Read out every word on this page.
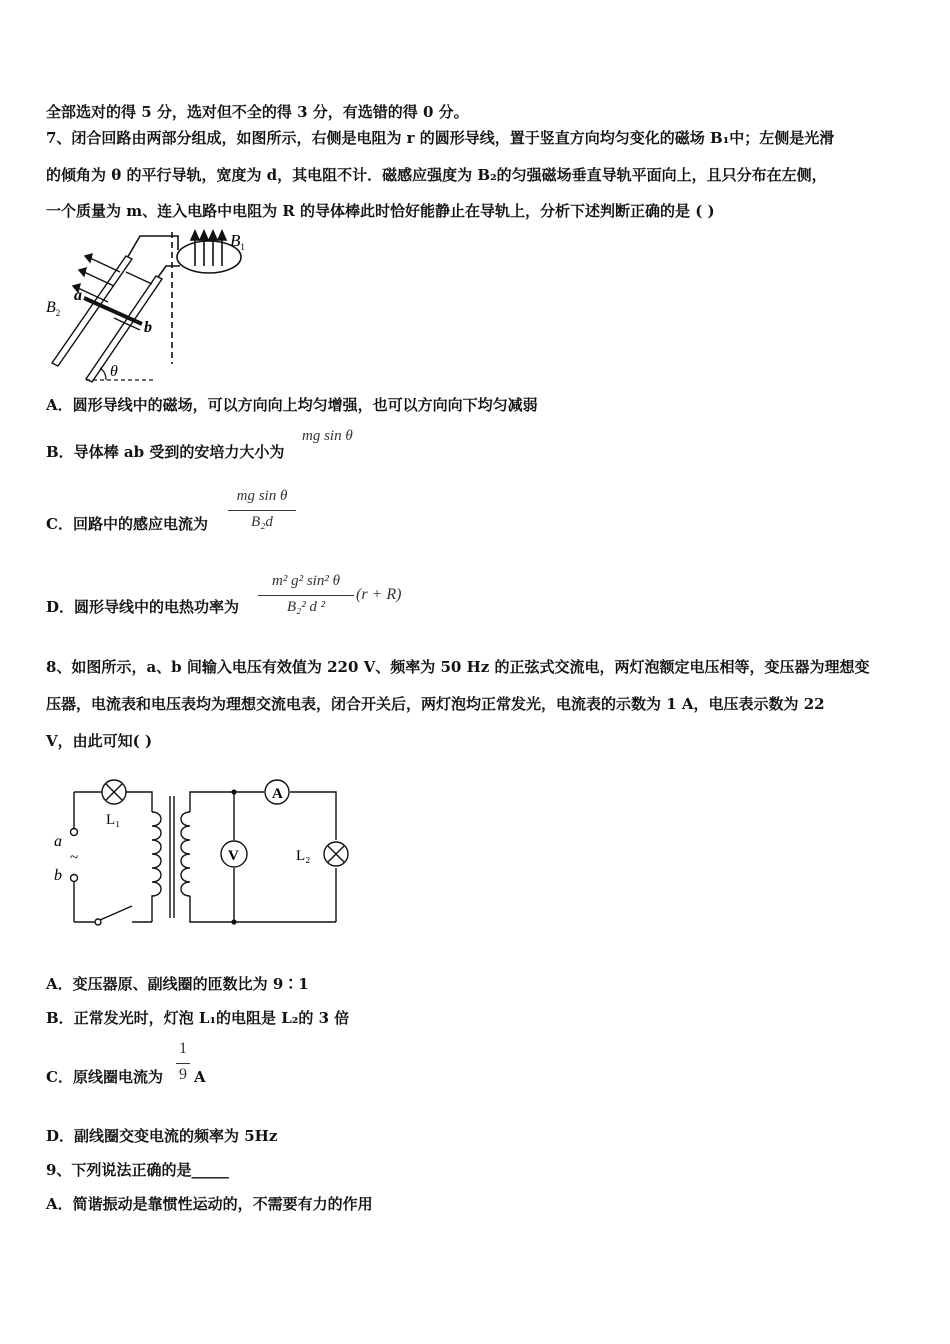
全部选对的得 5 分，选对但不全的得 3 分，有选错的得 0 分。
7、闭合回路由两部分组成，如图所示，右侧是电阻为 r 的圆形导线，置于竖直方向均匀变化的磁场 B₁中；左侧是光滑
的倾角为 θ 的平行导轨，宽度为 d，其电阻不计．磁感应强度为 B₂的匀强磁场垂直导轨平面向上，且只分布在左侧，
一个质量为 m、连入电路中电阻为 R 的导体棒此时恰好能静止在导轨上，分析下述判断正确的是 ( )
$B_1$
$B_2$
a
b
θ
A．圆形导线中的磁场，可以方向向上均匀增强，也可以方向向下均匀减弱
B．导体棒 ab 受到的安培力大小为
mg sin θ
C．回路中的感应电流为
mg sin θ
B₂d
D．圆形导线中的电热功率为
m² g² sin² θ
B₂² d ²
(r + R)
8、如图所示，a、b 间输入电压有效值为 220 V、频率为 50 Hz 的正弦式交流电，两灯泡额定电压相等，变压器为理想变
压器，电流表和电压表均为理想交流电表，闭合开关后，两灯泡均正常发光，电流表的示数为 1 A，电压表示数为 22
V，由此可知( )
A
V
L₁
L₂
a
~
b
A．变压器原、副线圈的匝数比为 9∶1
B．正常发光时，灯泡 L₁的电阻是 L₂的 3 倍
C．原线圈电流为
1
9 A
D．副线圈交变电流的频率为 5Hz
9、下列说法正确的是_____
A．简谐振动是靠惯性运动的，不需要有力的作用
